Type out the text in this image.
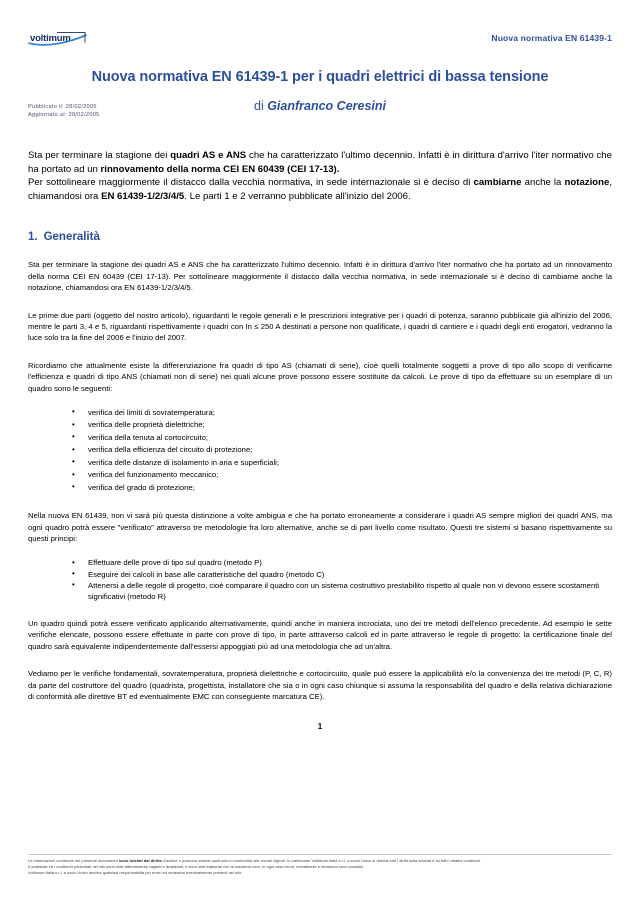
voltimum	Nuova normativa EN 61439-1
Nuova normativa EN 61439-1 per i quadri elettrici di bassa tensione
Pubblicato il: 28/02/2005
Aggiornato al: 28/02/2005
di Gianfranco Ceresini
Sta per terminare la stagione dei quadri AS e ANS che ha caratterizzato l'ultimo decennio. Infatti è in dirittura d'arrivo l'iter normativo che ha portato ad un rinnovamento della norma CEI EN 60439 (CEI 17-13).
Per sottolineare maggiormente il distacco dalla vecchia normativa, in sede internazionale si è deciso di cambiarne anche la notazione, chiamandosi ora EN 61439-1/2/3/4/5. Le parti 1 e 2 verranno pubblicate all'inizio del 2006.
1. Generalità

Sta per terminare la stagione dei quadri AS e ANS che ha caratterizzato l'ultimo decennio. Infatti è in dirittura d'arrivo l'iter normativo che ha portato ad un rinnovamento della norma CEI EN 60439 (CEI 17-13). Per sottolineare maggiormente il distacco dalla vecchia normativa, in sede internazionale si è deciso di cambiarne anche la notazione, chiamandosi ora EN 61439-1/2/3/4/5.

Le prime due parti (oggetto del nostro articolo), riguardanti le regole generali e le prescrizioni integrative per i quadri di potenza, saranno pubblicate già all'inizio del 2006, mentre le parti 3, 4 e 5, riguardanti rispettivamente i quadri con In ≤ 250 A destinati a persone non qualificate, i quadri di cantiere e i quadri degli enti erogatori, vedranno la luce solo tra la fine del 2006 e l'inizio del 2007.

Ricordiamo che attualmente esiste la differenziazione fra quadri di tipo AS (chiamati di serie), cioè quelli totalmente soggetti a prove di tipo allo scopo di verificarne l'efficienza e quadri di tipo ANS (chiamati non di serie) nei quali alcune prove possono essere sostituite da calcoli. Le prove di tipo da effettuare su un esemplare di un quadro sono le seguenti:

• verifica dei limiti di sovratemperatura;
• verifica delle proprietà dielettriche;
• verifica della tenuta al cortocircuito;
• verifica della efficienza del circuito di protezione;
• verifica delle distanze di isolamento in aria e superficiali;
• verifica del funzionamento meccanico;
• verifica del grado di protezione;

Nella nuova EN 61439, non vi sarà più questa distinzione a volte ambigua e che ha portato erroneamente a considerare i quadri AS sempre migliori dei quadri ANS, ma ogni quadro potrà essere "verificato" attraverso tre metodologie fra loro alternative, anche se di pari livello come risultato. Questi tre sistemi si basano rispettivamente su questi principi:

• Effettuare delle prove di tipo sul quadro (metodo P)
• Eseguire dei calcoli in base alle caratteristiche del quadro (metodo C)
• Attenersi a delle regole di progetto, cioè comparare il quadro con un sistema costruttivo prestabilito rispetto al quale non vi devono essere scostamenti significativi (metodo R)

Un quadro quindi potrà essere verificato applicando alternativamente, quindi anche in maniera incrociata, uno dei tre metodi dell'elenco precedente. Ad esempio le sette verifiche elencate, possono essere effettuate in parte con prove di tipo, in parte attraverso calcoli ed in parte attraverso le regole di progetto: la certificazione finale del quadro sarà equivalente indipendentemente dall'essersi appoggiati più ad una metodologia che ad un'altra.

Vediamo per le verifiche fondamentali, sovratemperatura, proprietà dielettriche e cortocircuito, quale può essere la applicabilità e/o la convenienza dei tre metodi (P, C, R) da parte del costruttore del quadro (quadrista, progettista, installatore che sia o in ogni caso chiunque si assuma la responsabilità del quadro e della relativa dichiarazione di conformità alle direttive BT ed eventualmente EMC con conseguente marcatura CE).

1

Le informazioni contenute nel presente documento sono tutelati dal diritto d'autore e possono essere usati solo in conformità alle norme vigenti. In particolare Voltimum Italia s.r.l. a socio Unico si riserva tutti i diritti sulla scheda e su tutti i relativi contenuti.

Il materiale ed i contenuti presentati nel sito sono stati attentamente vagliati e analizzati, e sono stati elaborati con la massima cura. In ogni caso errori, inesattezze e omissioni sono possibili.

Voltimum Italia s.r.l. a socio Unico declina qualsiasi responsabilità per errori ed omissioni eventualmente presenti nel sito.
